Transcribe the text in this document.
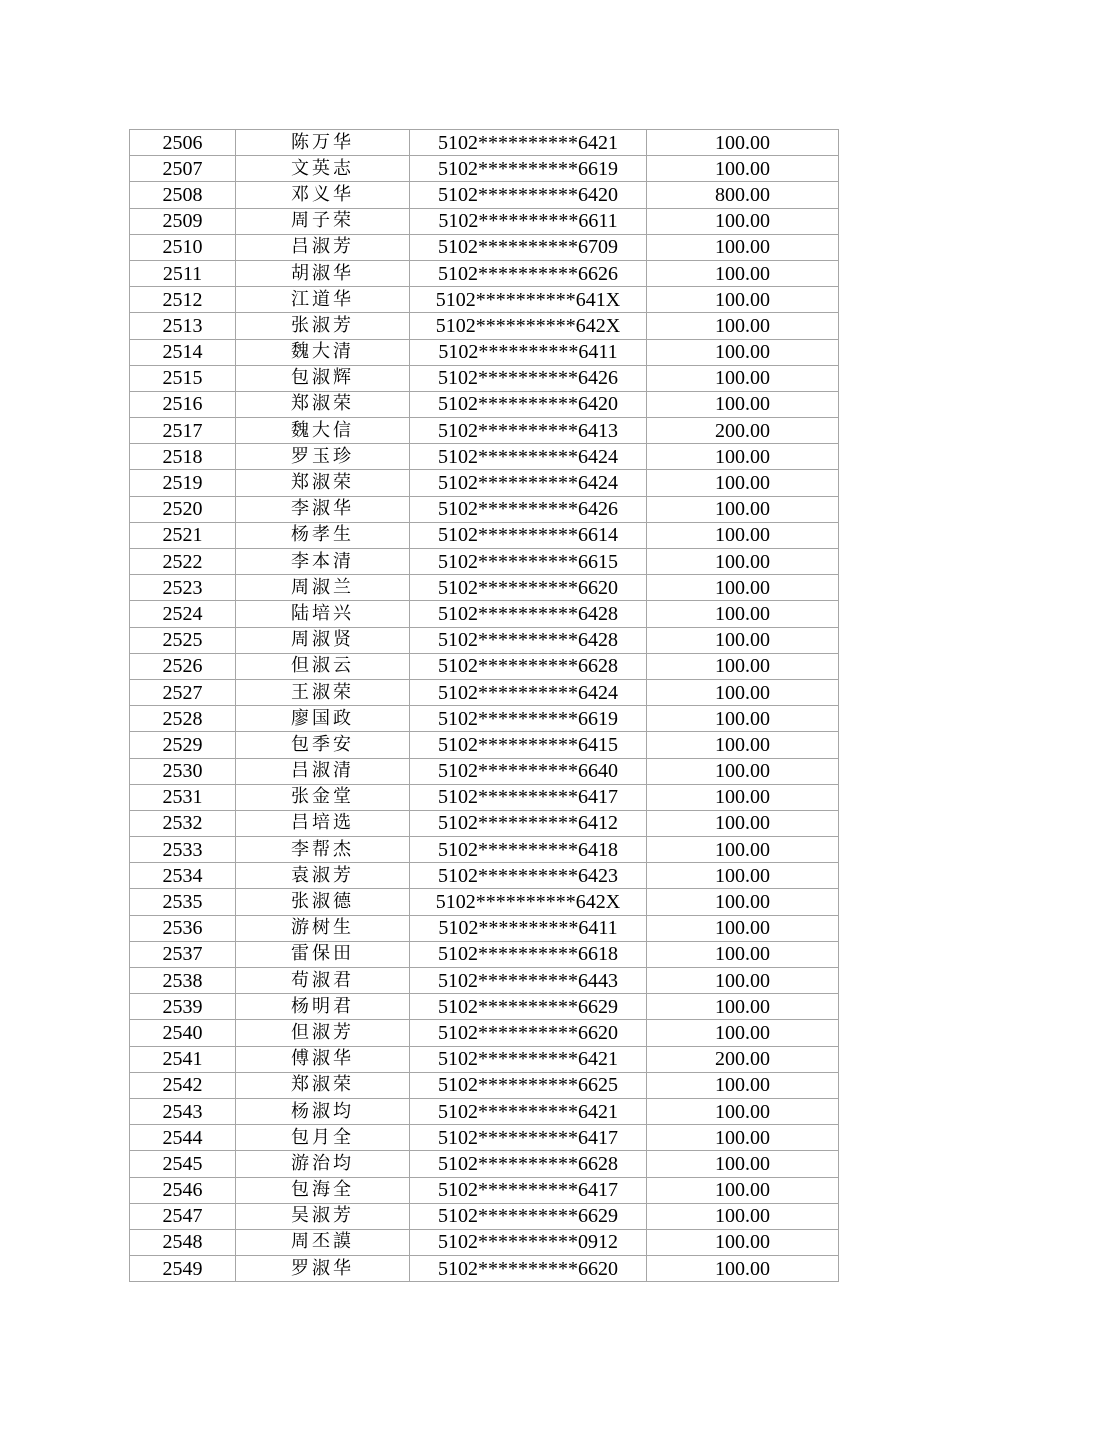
2506	陈万华	5102**********6421	100.00
2507	文英志	5102**********6619	100.00
2508	邓义华	5102**********6420	800.00
2509	周子荣	5102**********6611	100.00
2510	吕淑芳	5102**********6709	100.00
2511	胡淑华	5102**********6626	100.00
2512	江道华	5102**********641X	100.00
2513	张淑芳	5102**********642X	100.00
2514	魏大清	5102**********6411	100.00
2515	包淑辉	5102**********6426	100.00
2516	郑淑荣	5102**********6420	100.00
2517	魏大信	5102**********6413	200.00
2518	罗玉珍	5102**********6424	100.00
2519	郑淑荣	5102**********6424	100.00
2520	李淑华	5102**********6426	100.00
2521	杨孝生	5102**********6614	100.00
2522	李本清	5102**********6615	100.00
2523	周淑兰	5102**********6620	100.00
2524	陆培兴	5102**********6428	100.00
2525	周淑贤	5102**********6428	100.00
2526	但淑云	5102**********6628	100.00
2527	王淑荣	5102**********6424	100.00
2528	廖国政	5102**********6619	100.00
2529	包季安	5102**********6415	100.00
2530	吕淑清	5102**********6640	100.00
2531	张金堂	5102**********6417	100.00
2532	吕培选	5102**********6412	100.00
2533	李帮杰	5102**********6418	100.00
2534	袁淑芳	5102**********6423	100.00
2535	张淑德	5102**********642X	100.00
2536	游树生	5102**********6411	100.00
2537	雷保田	5102**********6618	100.00
2538	苟淑君	5102**********6443	100.00
2539	杨明君	5102**********6629	100.00
2540	但淑芳	5102**********6620	100.00
2541	傅淑华	5102**********6421	200.00
2542	郑淑荣	5102**********6625	100.00
2543	杨淑均	5102**********6421	100.00
2544	包月全	5102**********6417	100.00
2545	游治均	5102**********6628	100.00
2546	包海全	5102**********6417	100.00
2547	吴淑芳	5102**********6629	100.00
2548	周丕謨	5102**********0912	100.00
2549	罗淑华	5102**********6620	100.00
